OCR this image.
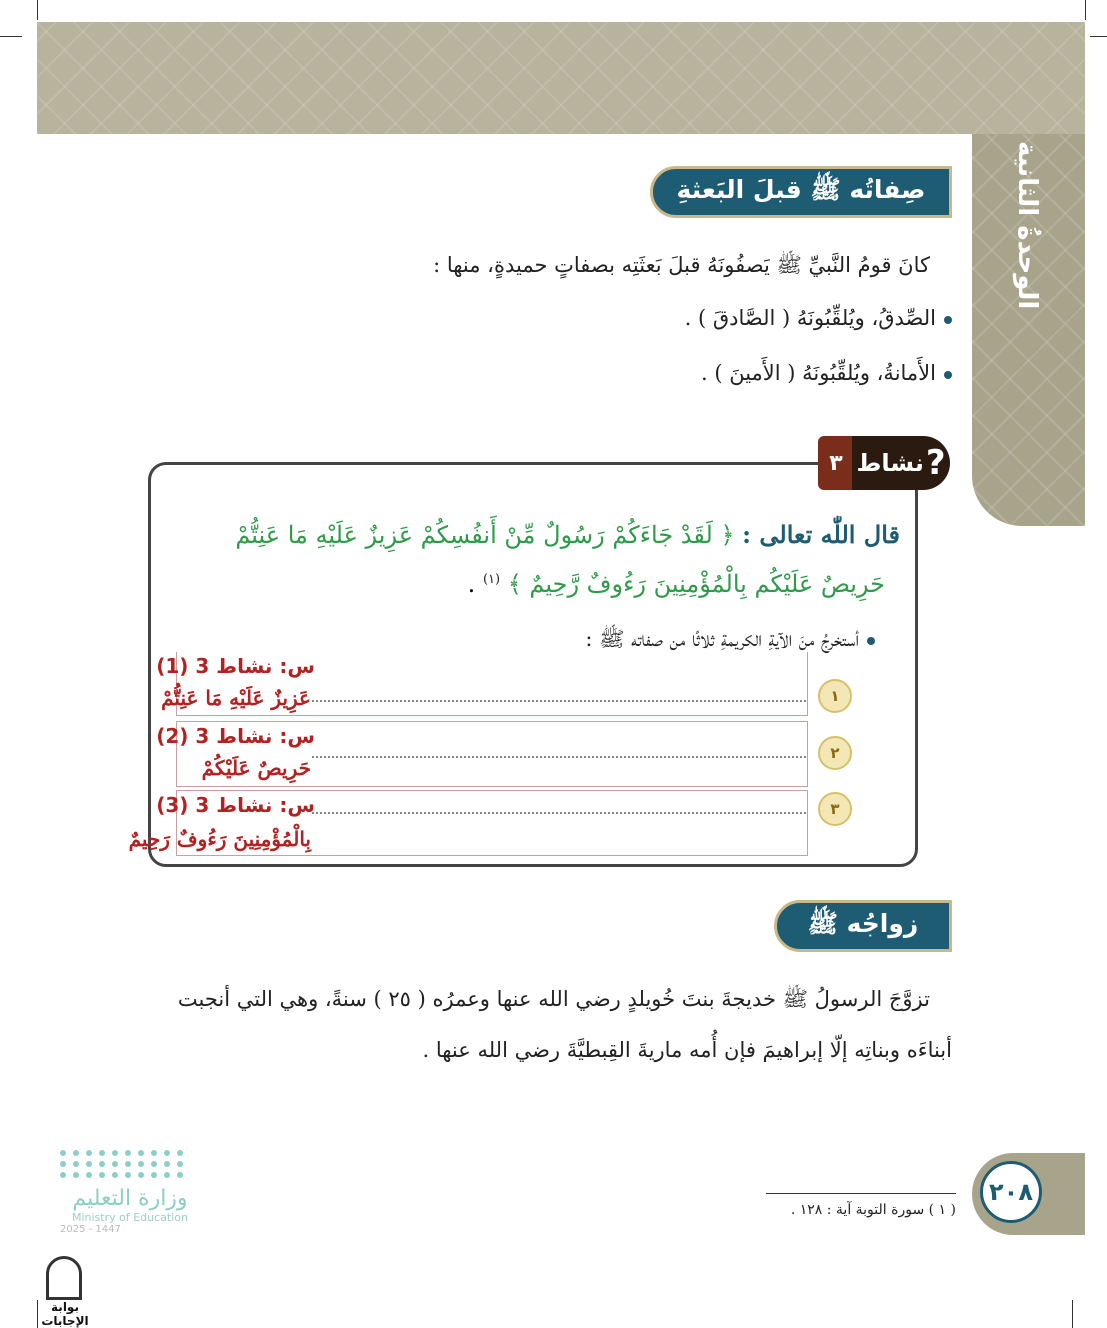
الوحدةُ الثانية
صِفاتُه ﷺ قبلَ البَعثةِ
كانَ قومُ النَّبيِّ ﷺ يَصفُونَهُ قبلَ بَعثَتِه بصفاتٍ حميدةٍ، منها :
الصِّدقُ، ويُلقِّبُونَهُ ( الصَّادقَ ) .
الأَمانةُ، ويُلقِّبُونَهُ ( الأَمينَ ) .
٣	?
نشاط
قال اللّٰه تعالى : ﴿ لَقَدْ جَاءَكُمْ رَسُولٌ مِّنْ أَنفُسِكُمْ عَزِيزٌ عَلَيْهِ مَا عَنِتُّمْ
حَرِيصٌ عَلَيْكُم بِالْمُؤْمِنِينَ رَءُوفٌ رَّحِيمٌ ﴾ $^{(١)}$ .
أستخرجُ منَ الآيةِ الكريمةِ ثلاثًا من صفاته ﷺ :
١
س: نشاط 3 (1)
عَزِيزٌ عَلَيْهِ مَا عَنِتُّمْ
٢
س: نشاط 3 (2)
حَرِيصٌ عَلَيْكُمْ
٣
س: نشاط 3 (3)
بِالْمُؤْمِنِينَ رَءُوفٌ رَحِيمٌ
زواجُه ﷺ
تزوَّجَ الرسولُ ﷺ خديجةَ بنتَ خُويلدٍ رضي الله عنها وعمرُه ( ٢٥ ) سنةً، وهي التي أنجبت
أبناءَه وبناتِه إلّا إبراهيمَ فإن أُمه ماريةَ القِبطيَّةَ رضي الله عنها .
٢٠٨
( ١ ) سورة التوبة آية : ١٢٨ .
وزارة التعليم
Ministry of Education
2025 - 1447
بوابة الإجابات
